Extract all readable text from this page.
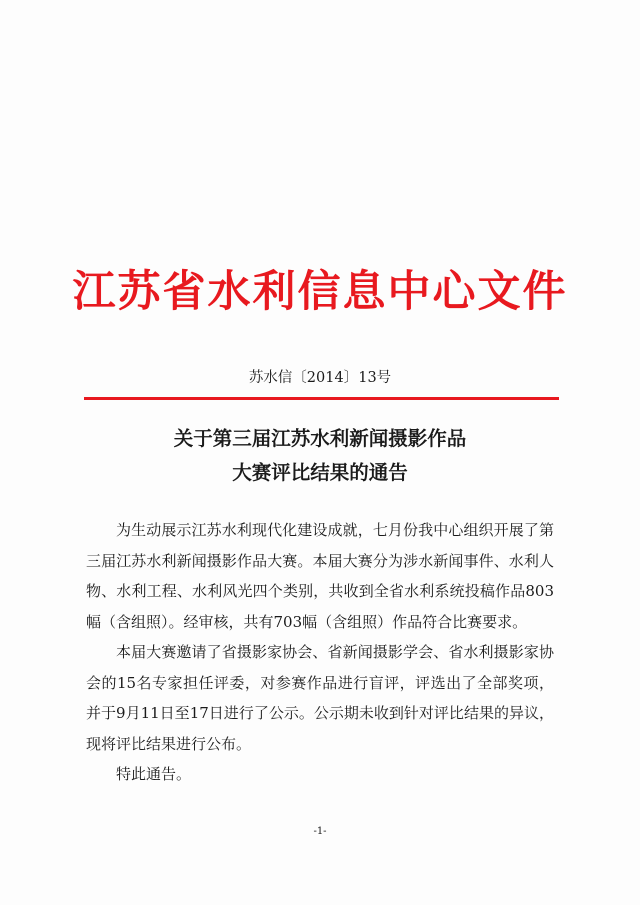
江苏省水利信息中心文件
苏水信〔2014〕13号
关于第三届江苏水利新闻摄影作品
大赛评比结果的通告

为生动展示江苏水利现代化建设成就，七月份我中心组织开展了第三届江苏水利新闻摄影作品大赛。本届大赛分为涉水新闻事件、水利人物、水利工程、水利风光四个类别，共收到全省水利系统投稿作品803幅（含组照）。经审核，共有703幅（含组照）作品符合比赛要求。

本届大赛邀请了省摄影家协会、省新闻摄影学会、省水利摄影家协会的15名专家担任评委，对参赛作品进行盲评，评选出了全部奖项，并于9月11日至17日进行了公示。公示期未收到针对评比结果的异议，现将评比结果进行公布。

特此通告。

-1-
